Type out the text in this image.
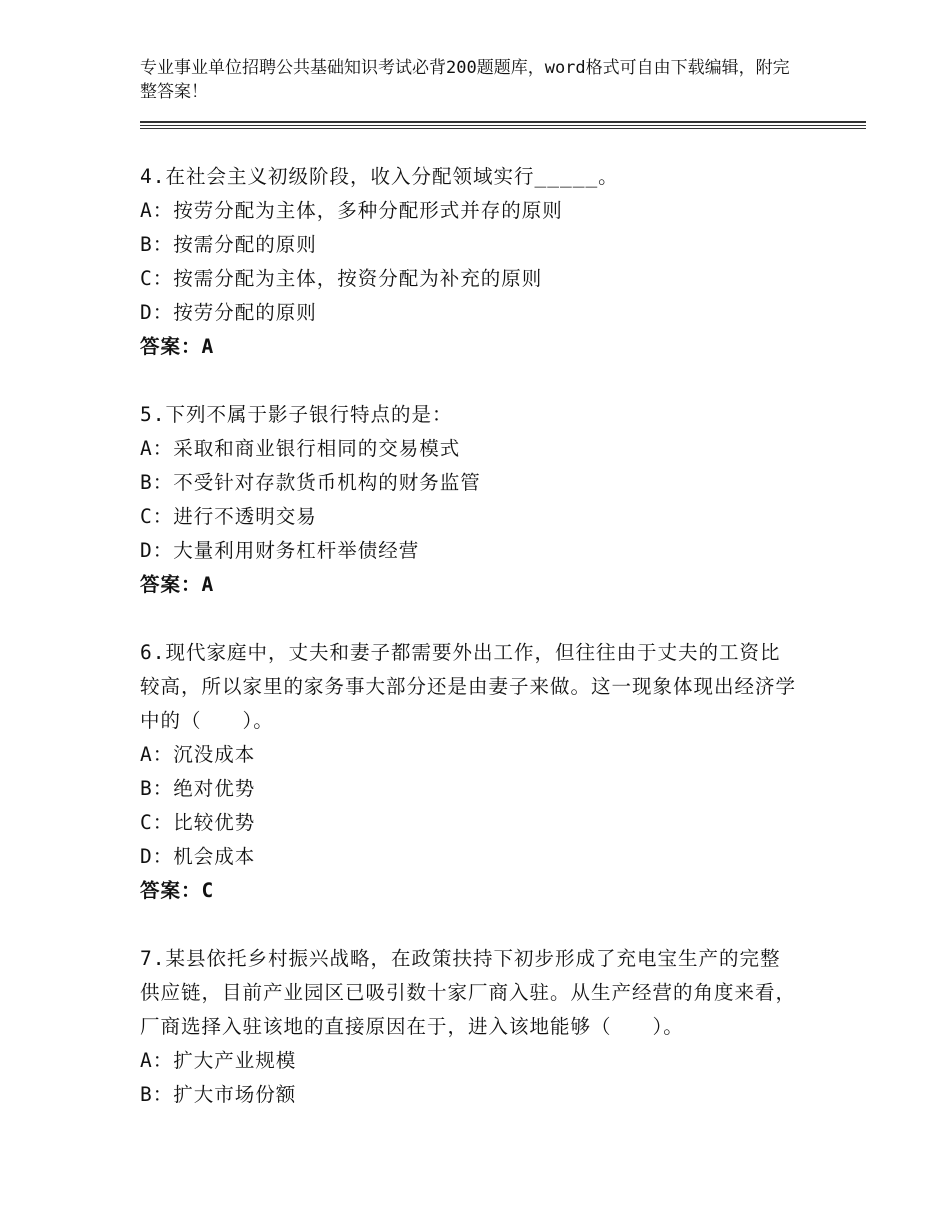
专业事业单位招聘公共基础知识考试必背200题题库，word格式可自由下载编辑，附完整答案！

4.在社会主义初级阶段，收入分配领域实行_____。

A：按劳分配为主体，多种分配形式并存的原则

B：按需分配的原则

C：按需分配为主体，按资分配为补充的原则

D：按劳分配的原则

答案：A

5.下列不属于影子银行特点的是：

A：采取和商业银行相同的交易模式

B：不受针对存款货币机构的财务监管

C：进行不透明交易

D：大量利用财务杠杆举债经营

答案：A

6.现代家庭中，丈夫和妻子都需要外出工作，但往往由于丈夫的工资比较高，所以家里的家务事大部分还是由妻子来做。这一现象体现出经济学中的（　　）。

A：沉没成本

B：绝对优势

C：比较优势

D：机会成本

答案：C

7.某县依托乡村振兴战略，在政策扶持下初步形成了充电宝生产的完整供应链，目前产业园区已吸引数十家厂商入驻。从生产经营的角度来看，厂商选择入驻该地的直接原因在于，进入该地能够（　　）。

A：扩大产业规模

B：扩大市场份额
